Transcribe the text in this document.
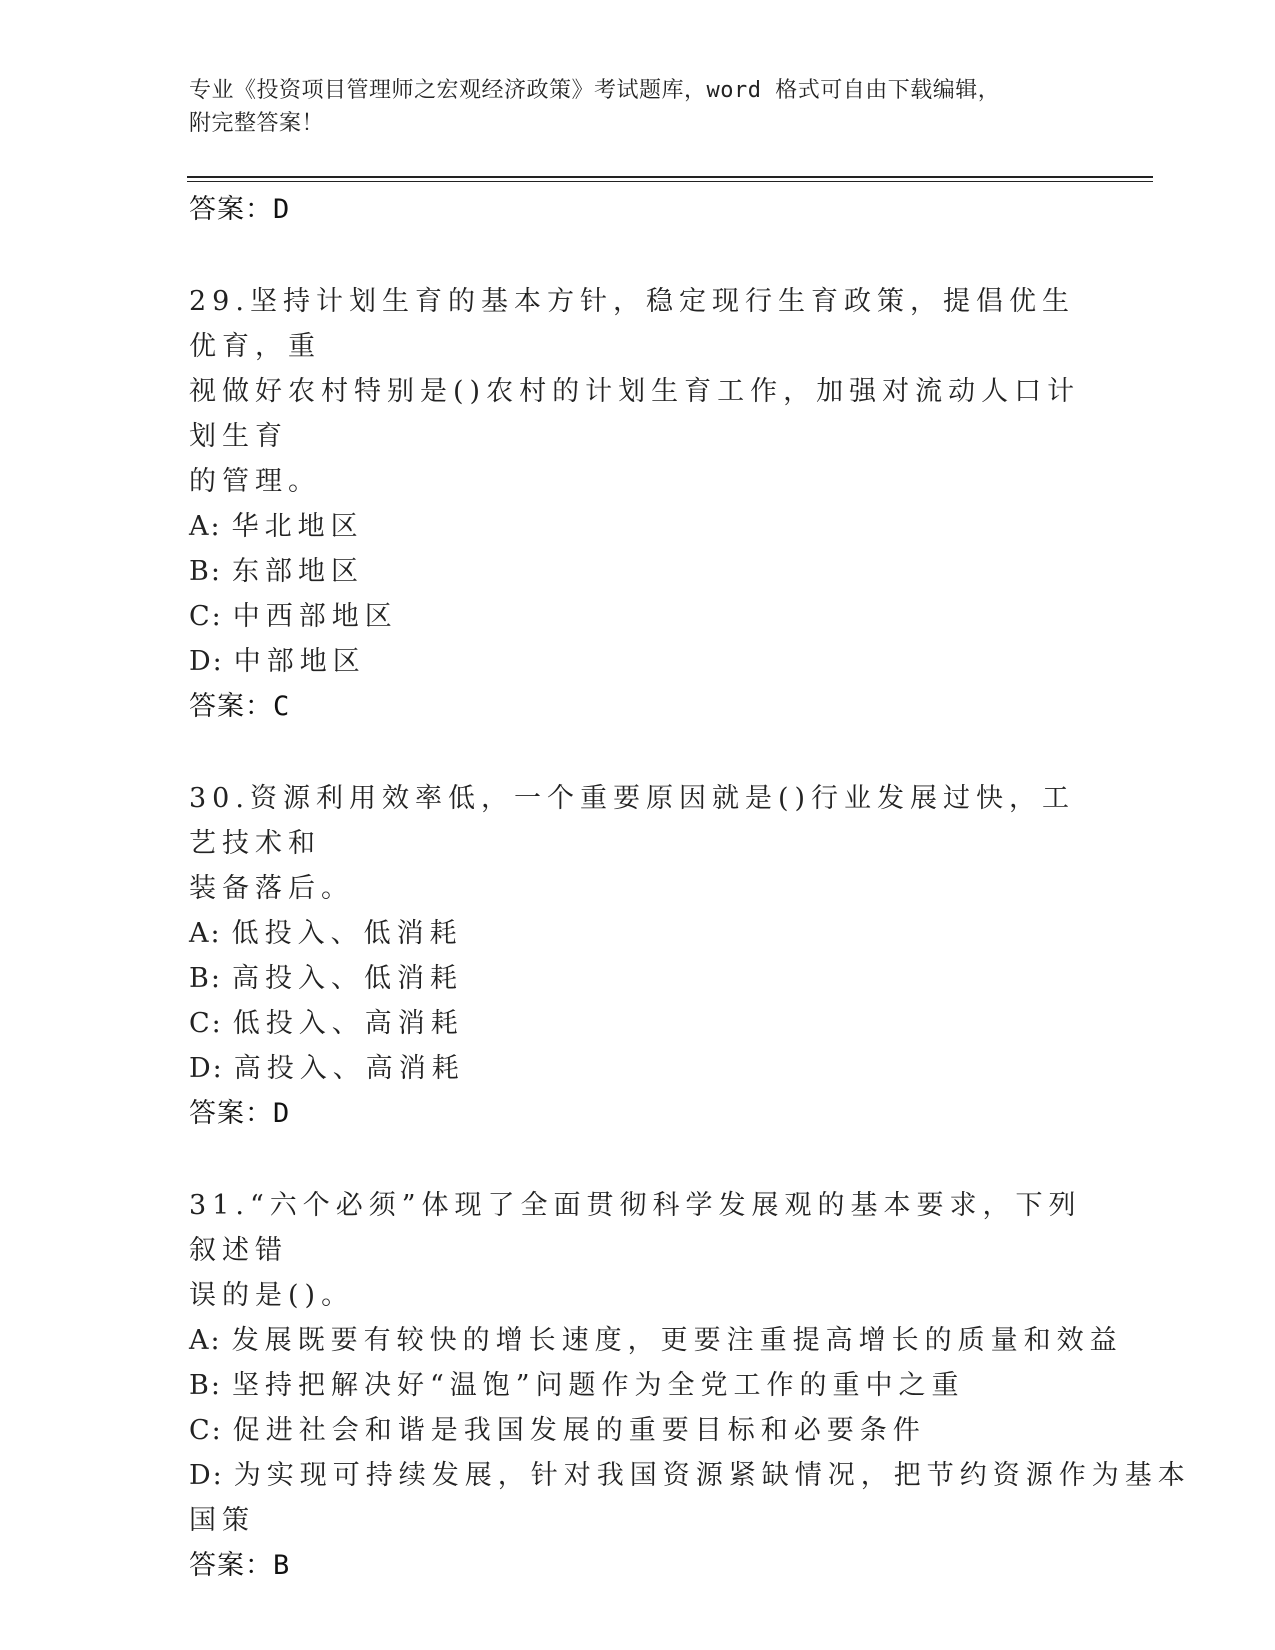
专业《投资项目管理师之宏观经济政策》考试题库，word 格式可自由下载编辑，
附完整答案！
答案：D
29.坚持计划生育的基本方针，稳定现行生育政策，提倡优生优育，重
视做好农村特别是()农村的计划生育工作，加强对流动人口计划生育
的管理。
A: 华北地区
B: 东部地区
C: 中西部地区
D: 中部地区
答案：C
30.资源利用效率低，一个重要原因就是()行业发展过快，工艺技术和
装备落后。
A: 低投入、低消耗
B: 高投入、低消耗
C: 低投入、高消耗
D: 高投入、高消耗
答案：D
31.“六个必须”体现了全面贯彻科学发展观的基本要求，下列叙述错
误的是()。
A: 发展既要有较快的增长速度，更要注重提高增长的质量和效益
B: 坚持把解决好“温饱”问题作为全党工作的重中之重
C: 促进社会和谐是我国发展的重要目标和必要条件
D: 为实现可持续发展，针对我国资源紧缺情况，把节约资源作为基本
国策
答案：B
